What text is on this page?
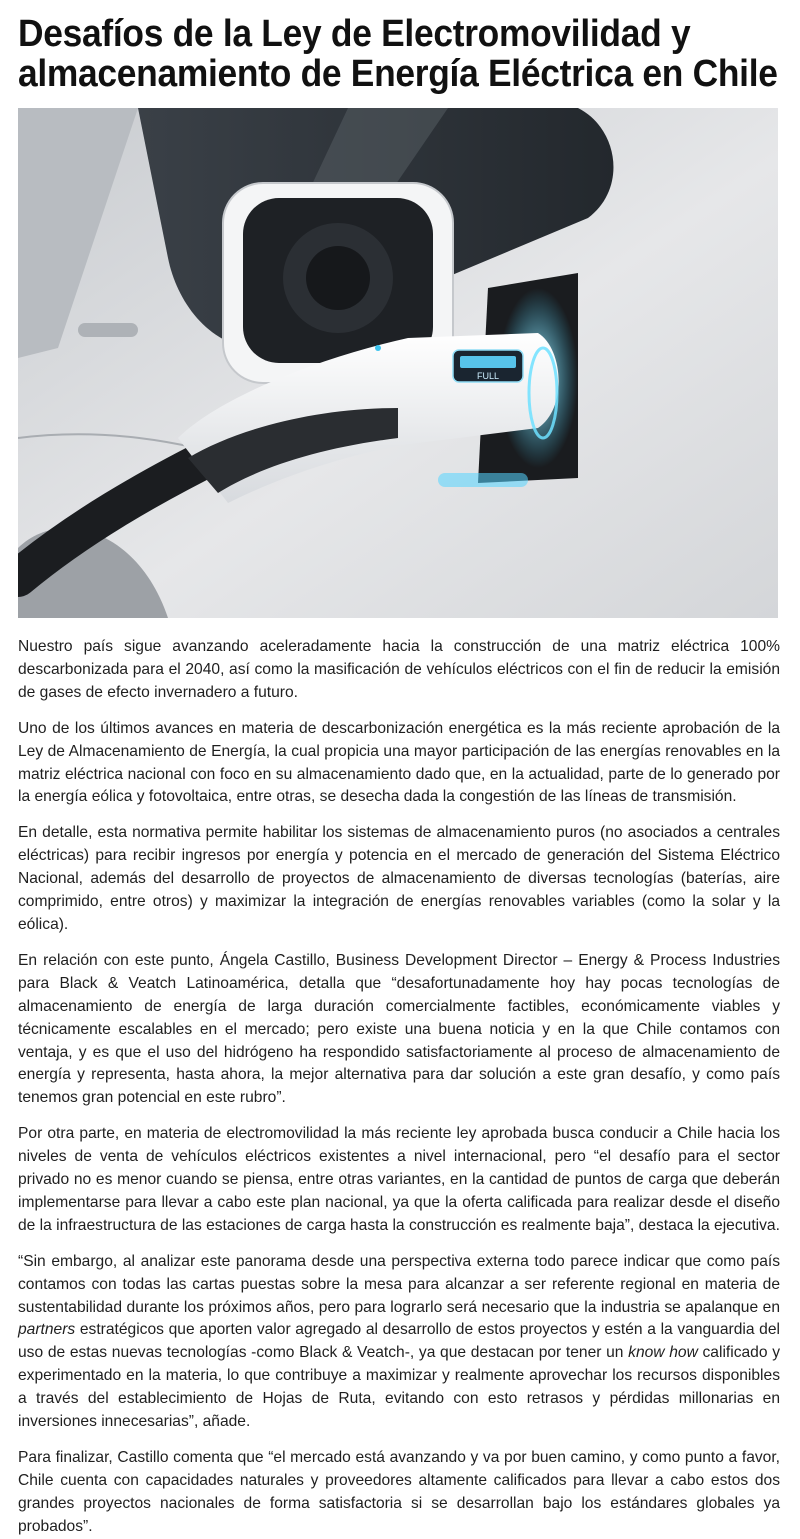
Desafíos de la Ley de Electromovilidad y almacenamiento de Energía Eléctrica en Chile
FULL

Nuestro país sigue avanzando aceleradamente hacia la construcción de una matriz eléctrica 100% descarbonizada para el 2040, así como la masificación de vehículos eléctricos con el fin de reducir la emisión de gases de efecto invernadero a futuro.

Uno de los últimos avances en materia de descarbonización energética es la más reciente aprobación de la Ley de Almacenamiento de Energía, la cual propicia una mayor participación de las energías renovables en la matriz eléctrica nacional con foco en su almacenamiento dado que, en la actualidad, parte de lo generado por la energía eólica y fotovoltaica, entre otras, se desecha dada la congestión de las líneas de transmisión.

En detalle, esta normativa permite habilitar los sistemas de almacenamiento puros (no asociados a centrales eléctricas) para recibir ingresos por energía y potencia en el mercado de generación del Sistema Eléctrico Nacional, además del desarrollo de proyectos de almacenamiento de diversas tecnologías (baterías, aire comprimido, entre otros) y maximizar la integración de energías renovables variables (como la solar y la eólica).

En relación con este punto, Ángela Castillo, Business Development Director – Energy & Process Industries para Black & Veatch Latinoamérica, detalla que “desafortunadamente hoy hay pocas tecnologías de almacenamiento de energía de larga duración comercialmente factibles, económicamente viables y técnicamente escalables en el mercado; pero existe una buena noticia y en la que Chile contamos con ventaja, y es que el uso del hidrógeno ha respondido satisfactoriamente al proceso de almacenamiento de energía y representa, hasta ahora, la mejor alternativa para dar solución a este gran desafío, y como país tenemos gran potencial en este rubro”.

Por otra parte, en materia de electromovilidad la más reciente ley aprobada busca conducir a Chile hacia los niveles de venta de vehículos eléctricos existentes a nivel internacional, pero “el desafío para el sector privado no es menor cuando se piensa, entre otras variantes, en la cantidad de puntos de carga que deberán implementarse para llevar a cabo este plan nacional, ya que la oferta calificada para realizar desde el diseño de la infraestructura de las estaciones de carga hasta la construcción es realmente baja”, destaca la ejecutiva.

“Sin embargo, al analizar este panorama desde una perspectiva externa todo parece indicar que como país contamos con todas las cartas puestas sobre la mesa para alcanzar a ser referente regional en materia de sustentabilidad durante los próximos años, pero para lograrlo será necesario que la industria se apalanque en partners estratégicos que aporten valor agregado al desarrollo de estos proyectos y estén a la vanguardia del uso de estas nuevas tecnologías -como Black & Veatch-, ya que destacan por tener un know how calificado y experimentado en la materia, lo que contribuye a maximizar y realmente aprovechar los recursos disponibles a través del establecimiento de Hojas de Ruta, evitando con esto retrasos y pérdidas millonarias en inversiones innecesarias”, añade.

Para finalizar, Castillo comenta que “el mercado está avanzando y va por buen camino, y como punto a favor, Chile cuenta con capacidades naturales y proveedores altamente calificados para llevar a cabo estos dos grandes proyectos nacionales de forma satisfactoria si se desarrollan bajo los estándares globales ya probados”.
